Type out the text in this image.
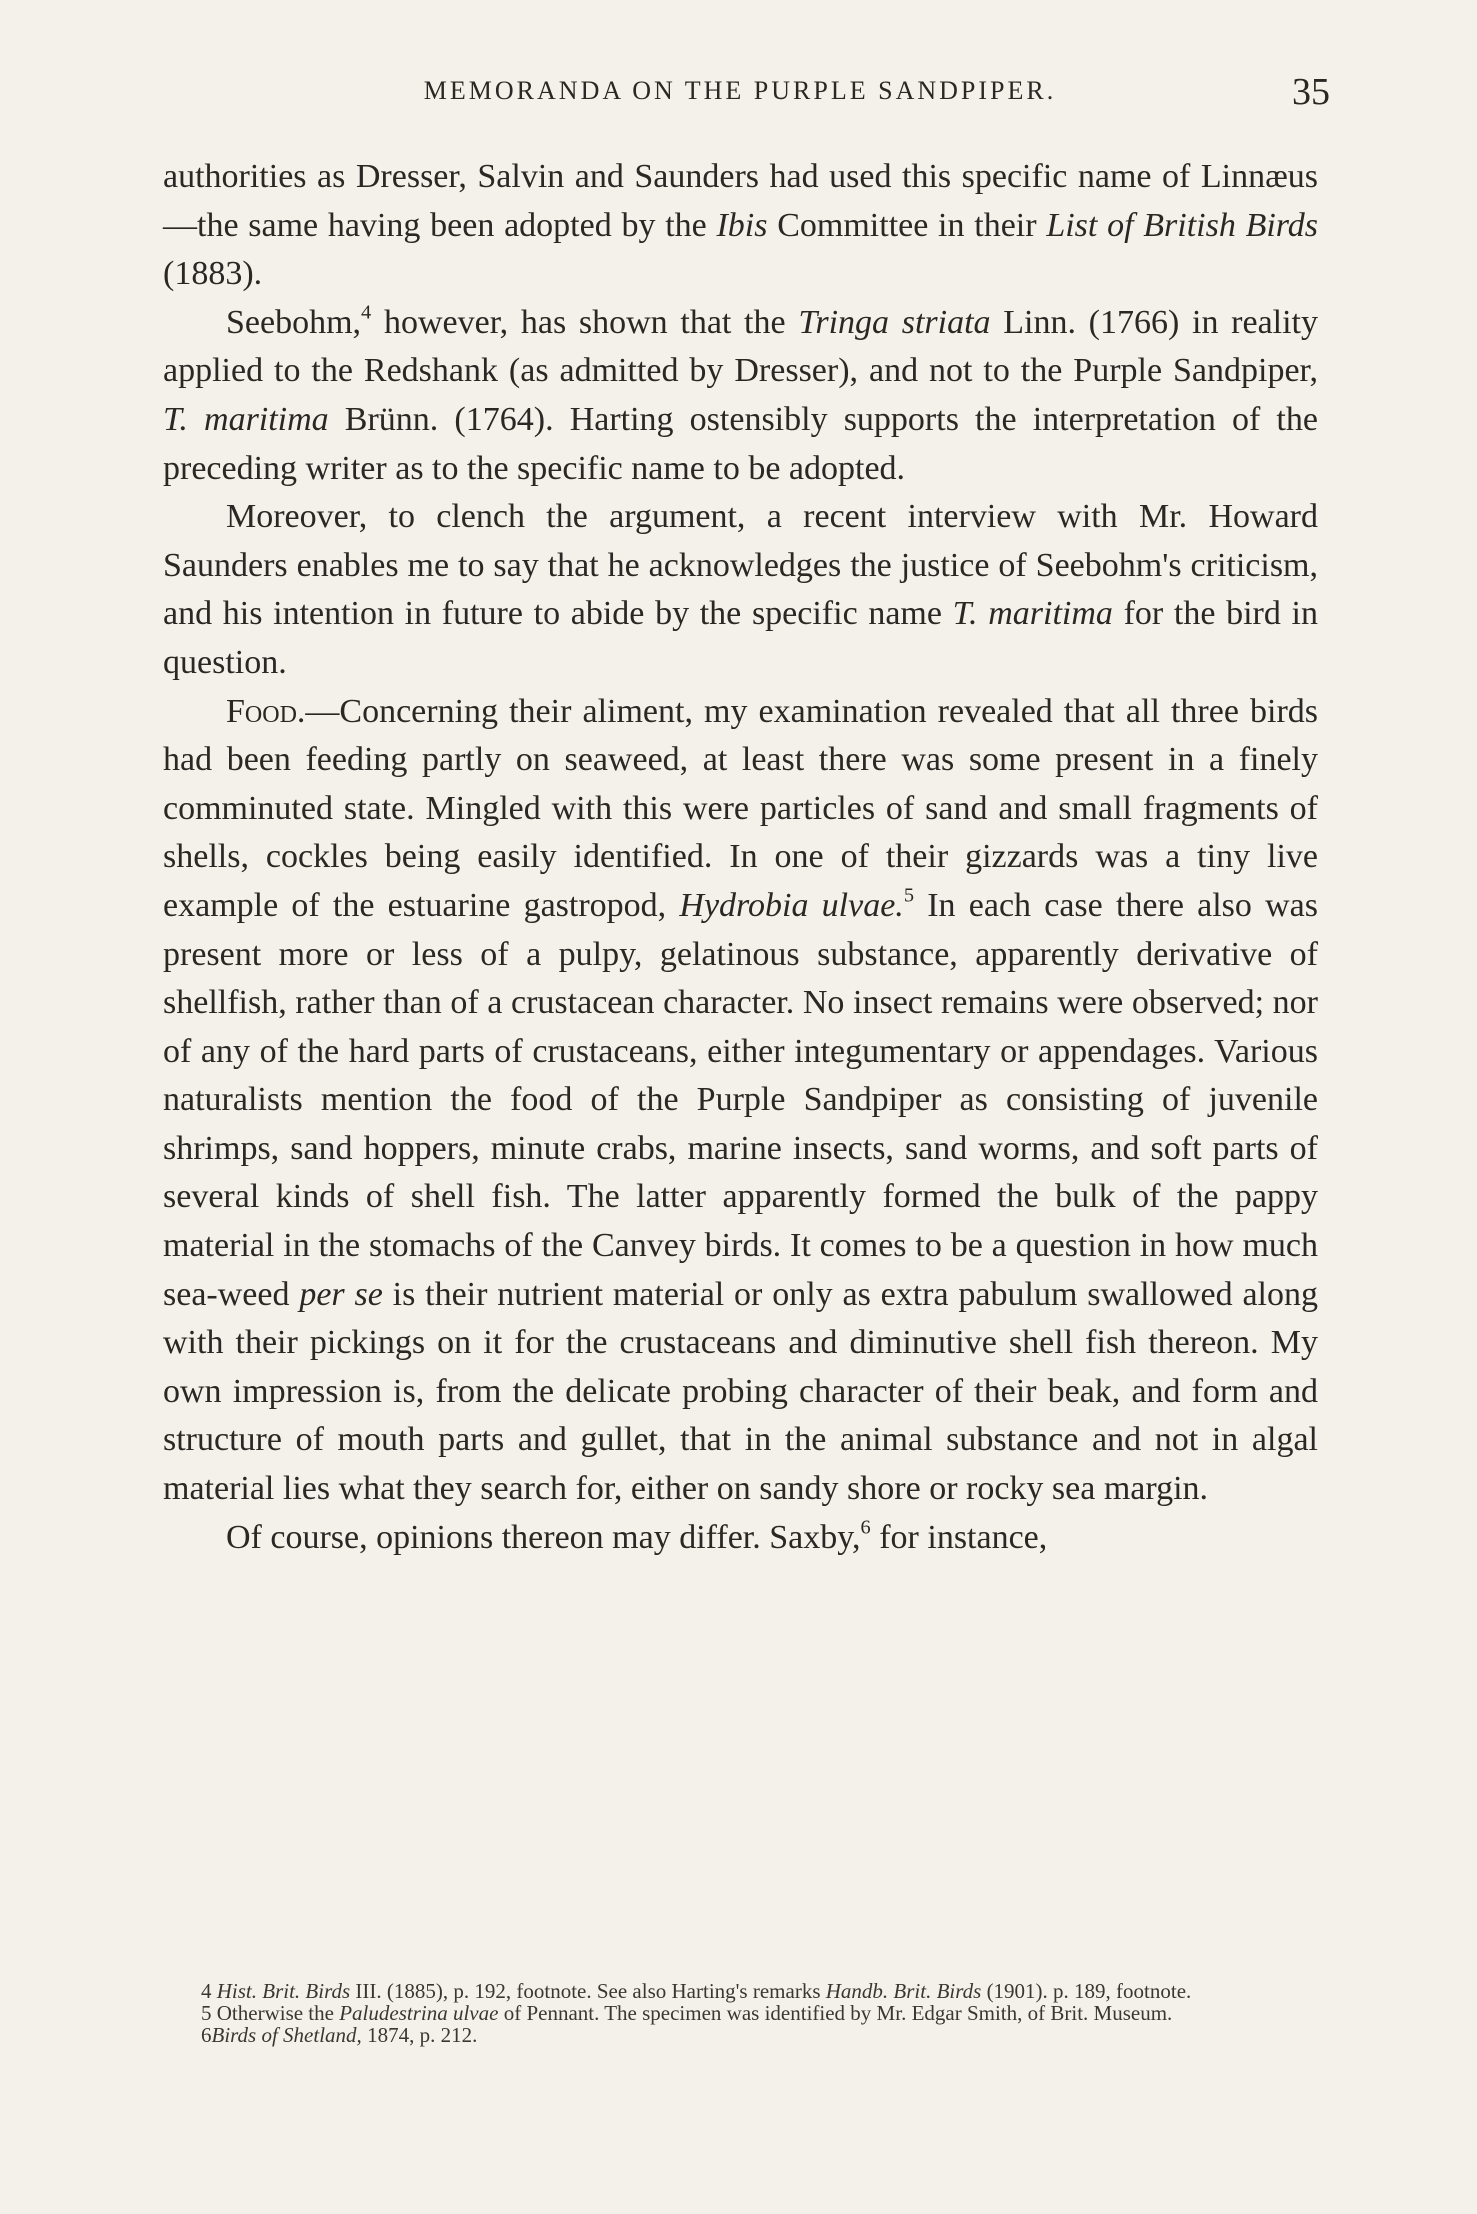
MEMORANDA ON THE PURPLE SANDPIPER.	35

authorities as Dresser, Salvin and Saunders had used this specific name of Linnæus—the same having been adopted by the Ibis Committee in their List of British Birds (1883).

Seebohm,$^4$ however, has shown that the Tringa striata Linn. (1766) in reality applied to the Redshank (as admitted by Dresser), and not to the Purple Sandpiper, T. maritima Brünn. (1764). Harting ostensibly supports the interpretation of the preceding writer as to the specific name to be adopted.

Moreover, to clench the argument, a recent interview with Mr. Howard Saunders enables me to say that he acknowledges the justice of Seebohm's criticism, and his intention in future to abide by the specific name T. maritima for the bird in question.

Food.—Concerning their aliment, my examination revealed that all three birds had been feeding partly on seaweed, at least there was some present in a finely comminuted state. Mingled with this were particles of sand and small fragments of shells, cockles being easily identified. In one of their gizzards was a tiny live example of the estuarine gastropod, Hydrobia ulvae.$^5$ In each case there also was present more or less of a pulpy, gelatinous substance, apparently derivative of shellfish, rather than of a crustacean character. No insect remains were observed; nor of any of the hard parts of crustaceans, either integumentary or appendages. Various naturalists mention the food of the Purple Sandpiper as consisting of juvenile shrimps, sand hoppers, minute crabs, marine insects, sand worms, and soft parts of several kinds of shell fish. The latter apparently formed the bulk of the pappy material in the stomachs of the Canvey birds. It comes to be a question in how much sea-weed per se is their nutrient material or only as extra pabulum swallowed along with their pickings on it for the crustaceans and diminutive shell fish thereon. My own impression is, from the delicate probing character of their beak, and form and structure of mouth parts and gullet, that in the animal substance and not in algal material lies what they search for, either on sandy shore or rocky sea margin.

Of course, opinions thereon may differ. Saxby,$^6$ for instance,

4 Hist. Brit. Birds III. (1885), p. 192, footnote. See also Harting's remarks Handb. Brit. Birds (1901). p. 189, footnote.
5 Otherwise the Paludestrina ulvae of Pennant. The specimen was identified by Mr. Edgar Smith, of Brit. Museum.
6Birds of Shetland, 1874, p. 212.
